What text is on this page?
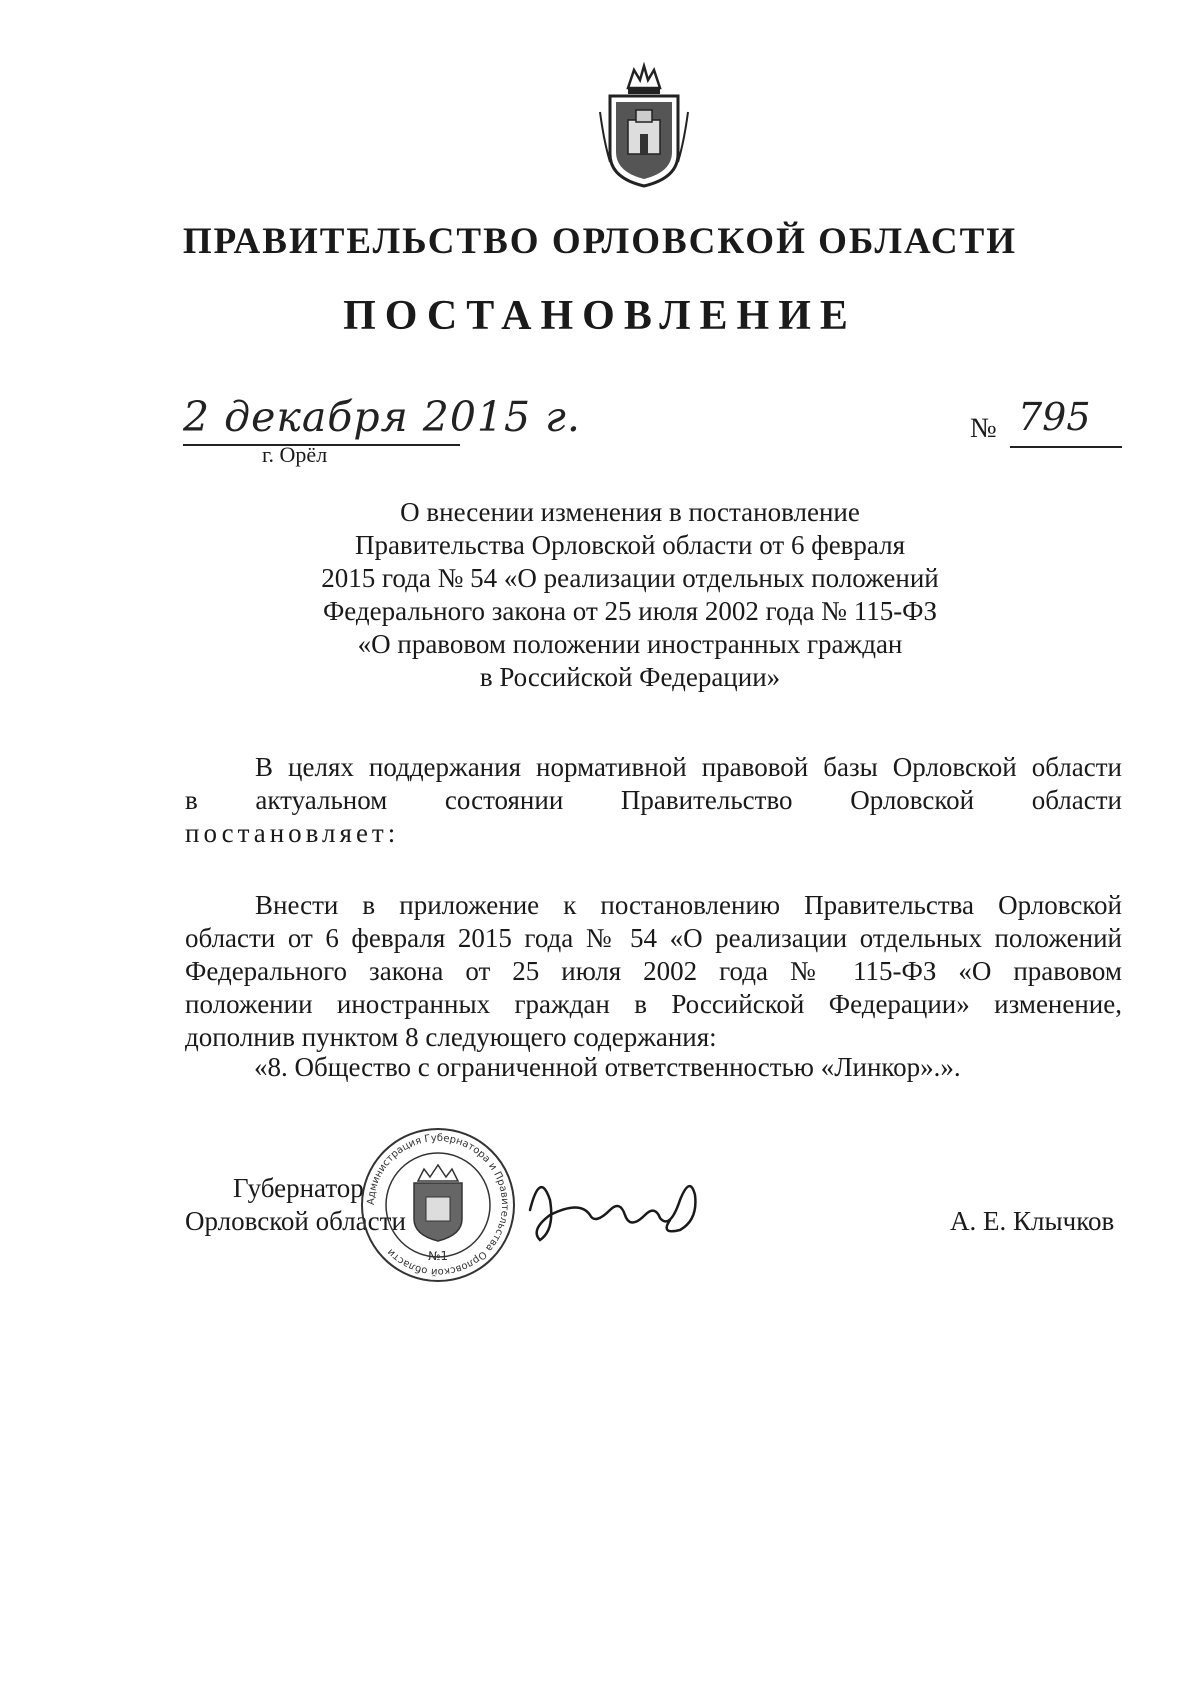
ПРАВИТЕЛЬСТВО ОРЛОВСКОЙ ОБЛАСТИ
ПОСТАНОВЛЕНИЕ
2 декабря 2015 г.
г. Орёл
№ 795
О внесении изменения в постановление
Правительства Орловской области от 6 февраля
2015 года № 54 «О реализации отдельных положений
Федерального закона от 25 июля 2002 года № 115-ФЗ
«О правовом положении иностранных граждан
в Российской Федерации»
В целях поддержания нормативной правовой базы Орловской области
в актуальном состоянии Правительство Орловской области
постановляет:
Внести в приложение к постановлению Правительства Орловской
области от 6 февраля 2015 года № 54 «О реализации отдельных положений
Федерального закона от 25 июля 2002 года № 115-ФЗ «О правовом
положении иностранных граждан в Российской Федерации» изменение,
дополнив пунктом 8 следующего содержания:
«8. Общество с ограниченной ответственностью «Линкор».».
Губернатор
Орловской области	А. Е. Клычков
Администрация Губернатора и Правительства Орловской области	№1
